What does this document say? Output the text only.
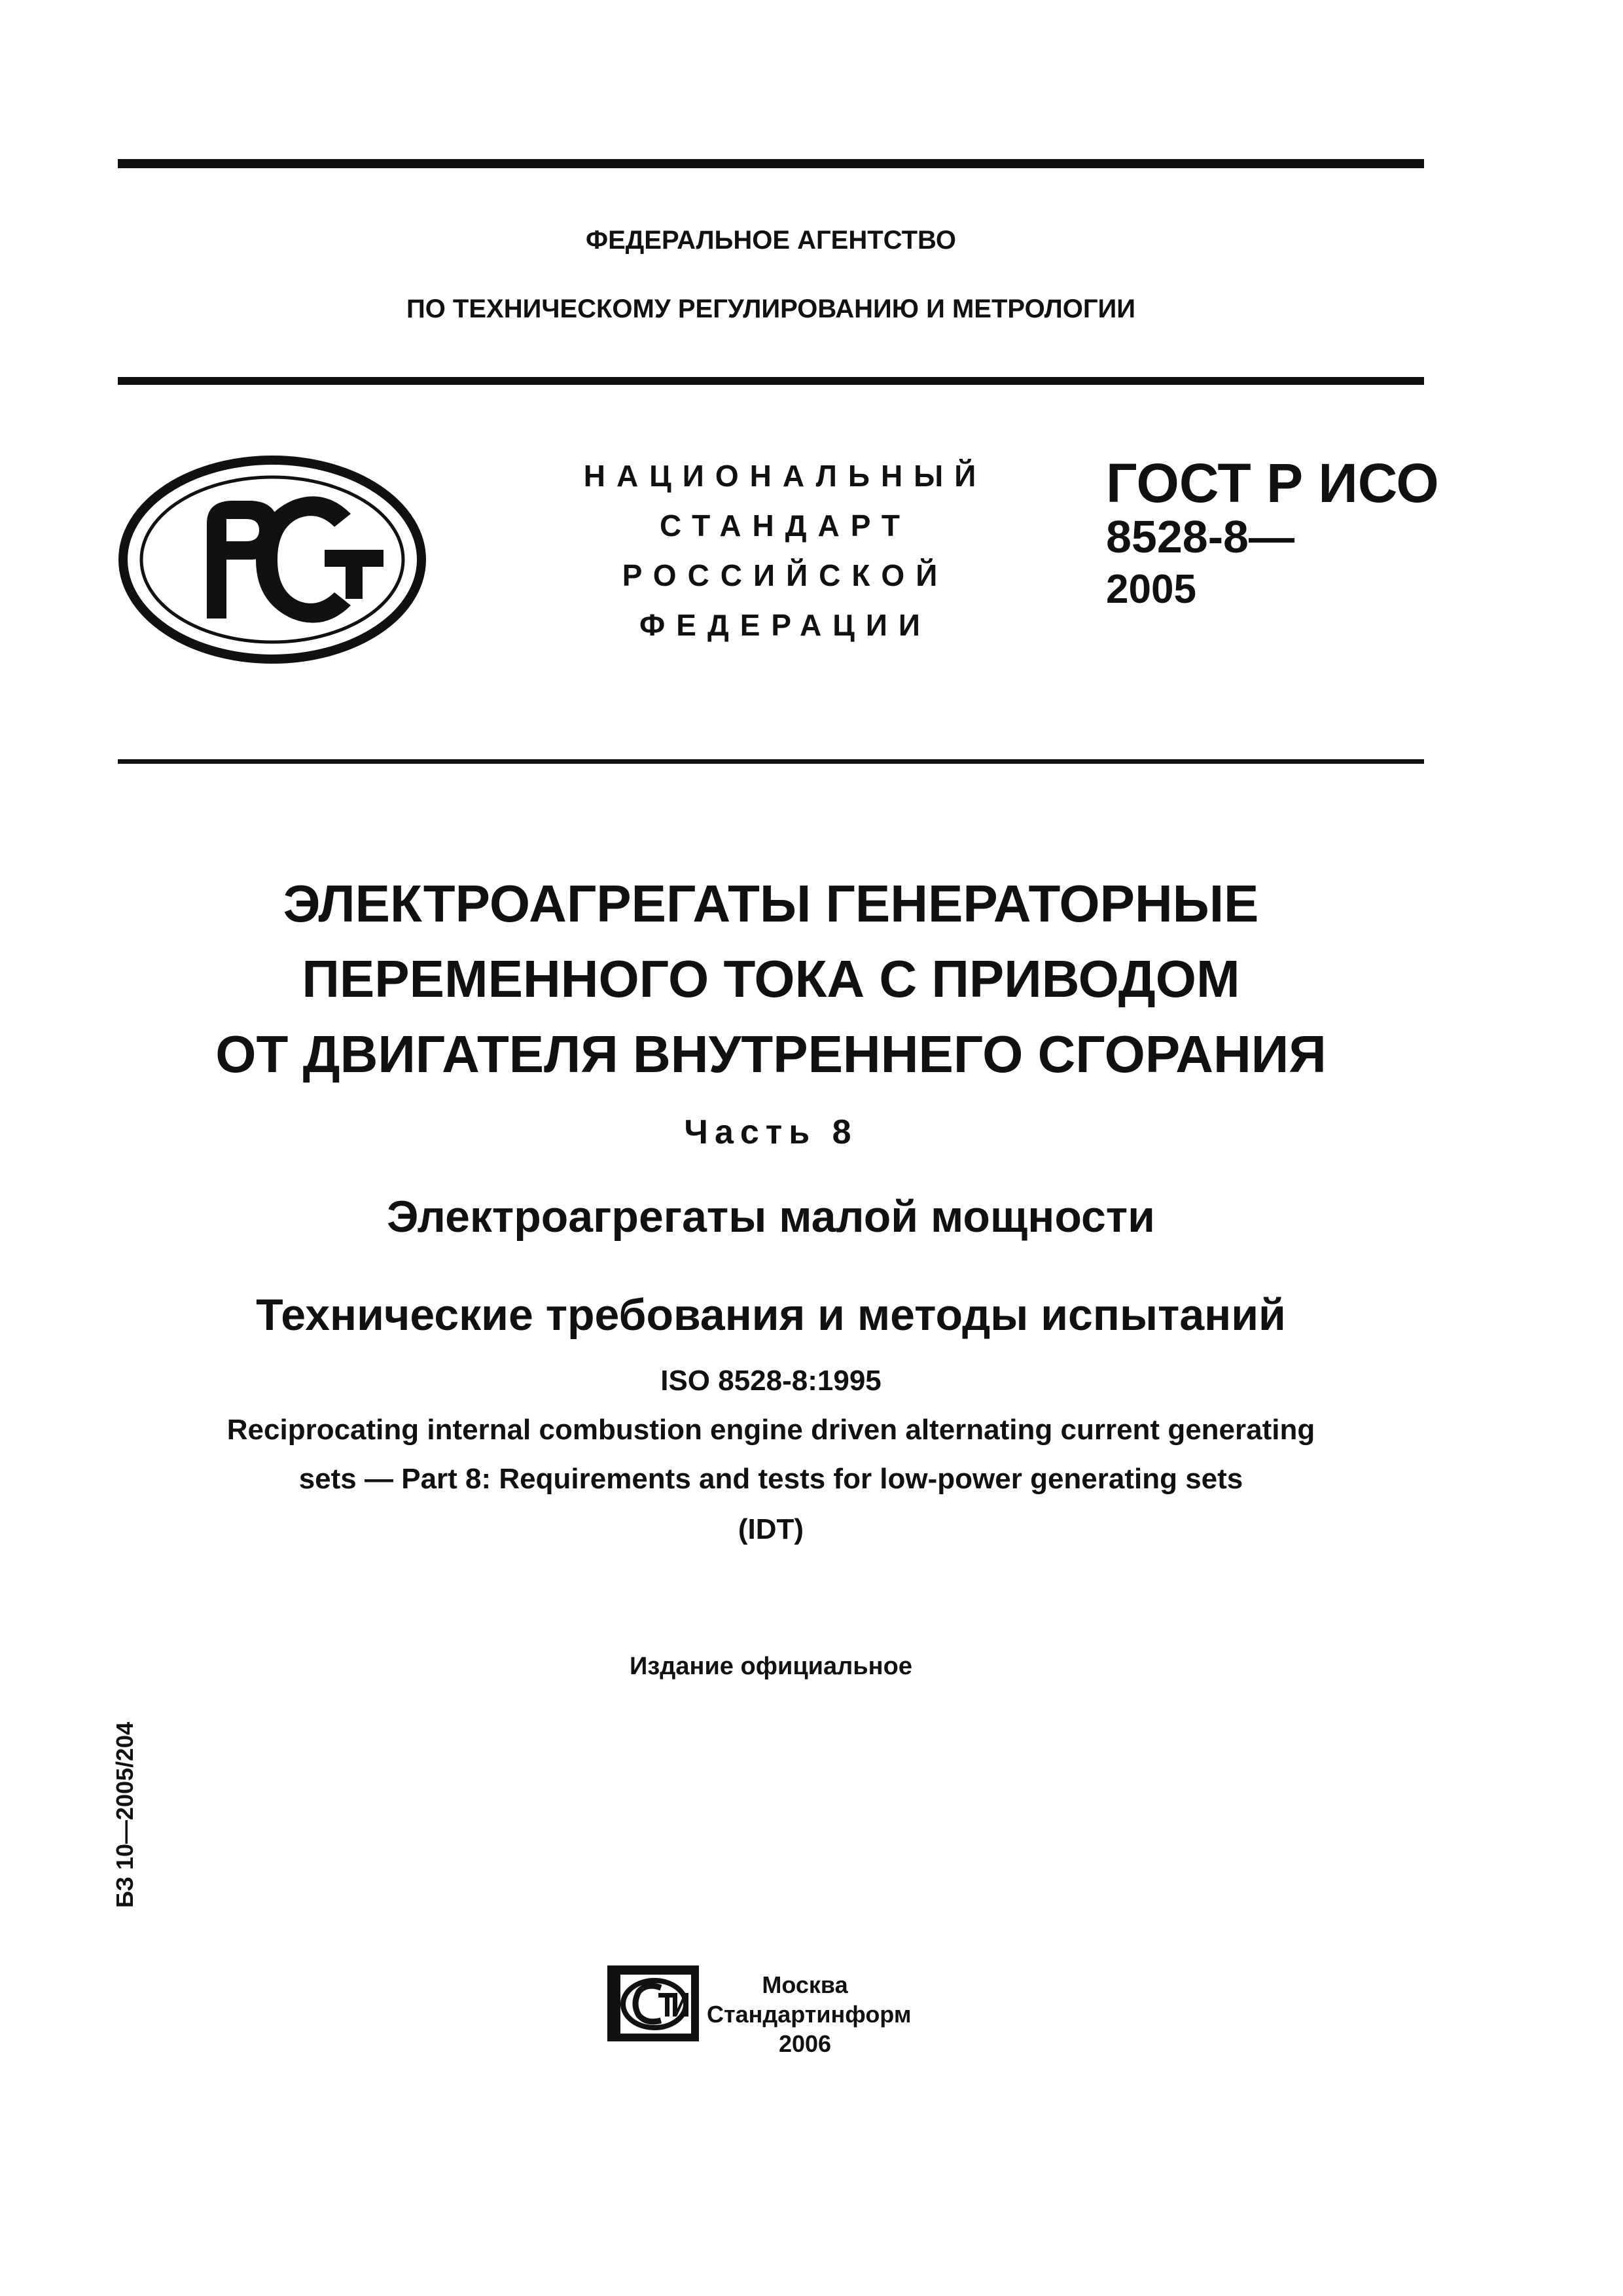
ФЕДЕРАЛЬНОЕ АГЕНТСТВО
ПО ТЕХНИЧЕСКОМУ РЕГУЛИРОВАНИЮ И МЕТРОЛОГИИ
НАЦИОНАЛЬНЫЙ
СТАНДАРТ
РОССИЙСКОЙ
ФЕДЕРАЦИИ
ГОСТ Р ИСО
8528-8—
2005
ЭЛЕКТРОАГРЕГАТЫ ГЕНЕРАТОРНЫЕ
ПЕРЕМЕННОГО ТОКА С ПРИВОДОМ
ОТ ДВИГАТЕЛЯ ВНУТРЕННЕГО СГОРАНИЯ
Часть 8
Электроагрегаты малой мощности
Технические требования и методы испытаний
ISO 8528-8:1995
Reciprocating internal combustion engine driven alternating current generating
sets — Part 8: Requirements and tests for low-power generating sets
(IDT)
Издание официальное
БЗ 10—2005/204
Москва
Стандартинформ
2006
